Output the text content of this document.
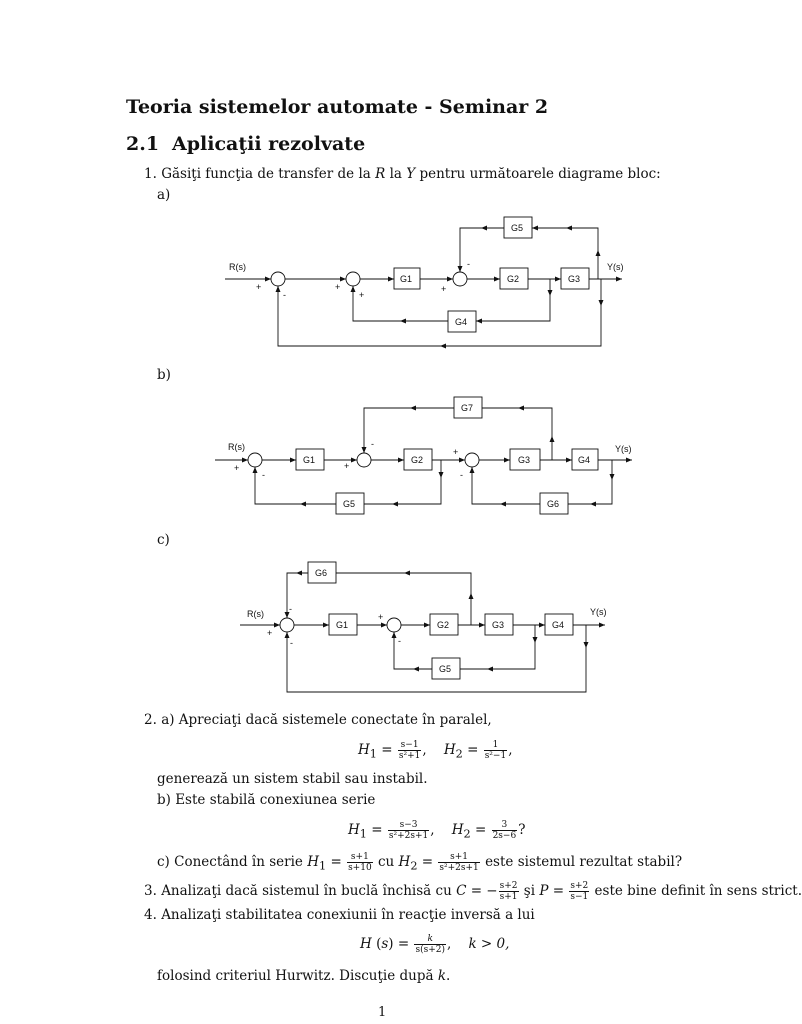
Teoria sistemelor automate - Seminar 2
2.1 Aplicaţii rezolvate
1. Găsiţi funcţia de transfer de la R la Y pentru următoarele diagrame bloc:
a)
R(s)	Y(s)
G1	G2	G3
G4
G5
+
-
+
+
+
-
b)
R(s)	Y(s)
G1	G2	G3	G4
G5	G6
G7
+
-
+
-
+
-
c)
R(s)	Y(s)
G1	G2	G3	G4
G5
G6
-
+
-
+
-
2. a) Apreciaţi dacă sistemele conectate în paralel,
$H_1 = \frac{s-1}{\text{s²+1}}$ ,    $H_2 = \frac{1}{\text{s²−1}}$ ,
generează un sistem stabil sau instabil.
b) Este stabilă conexiunea serie
$H_1 = \frac{s-3}{\text{s²+2s+1}}$ ,    $H_2 = \frac{3}{2s-6}$ ?
c) Conectând în serie $H_1 = \frac{s+1}{s+10}$ cu $H_2 = \frac{s+1}{\text{s²+2s+1}}$ este sistemul rezultat stabil?
3. Analizaţi dacă sistemul în buclă închisă cu C = − $\frac{s+2}{s+1}$ şi $P = \frac{s+2}{s-1}$ este bine definit în sens strict.
4. Analizaţi stabilitatea conexiunii în reacţie inversă a lui
H $(s) = \frac{k}{s(s+2)}$ ,    k > 0,
folosind criteriul Hurwitz. Discuţie după k.
1
